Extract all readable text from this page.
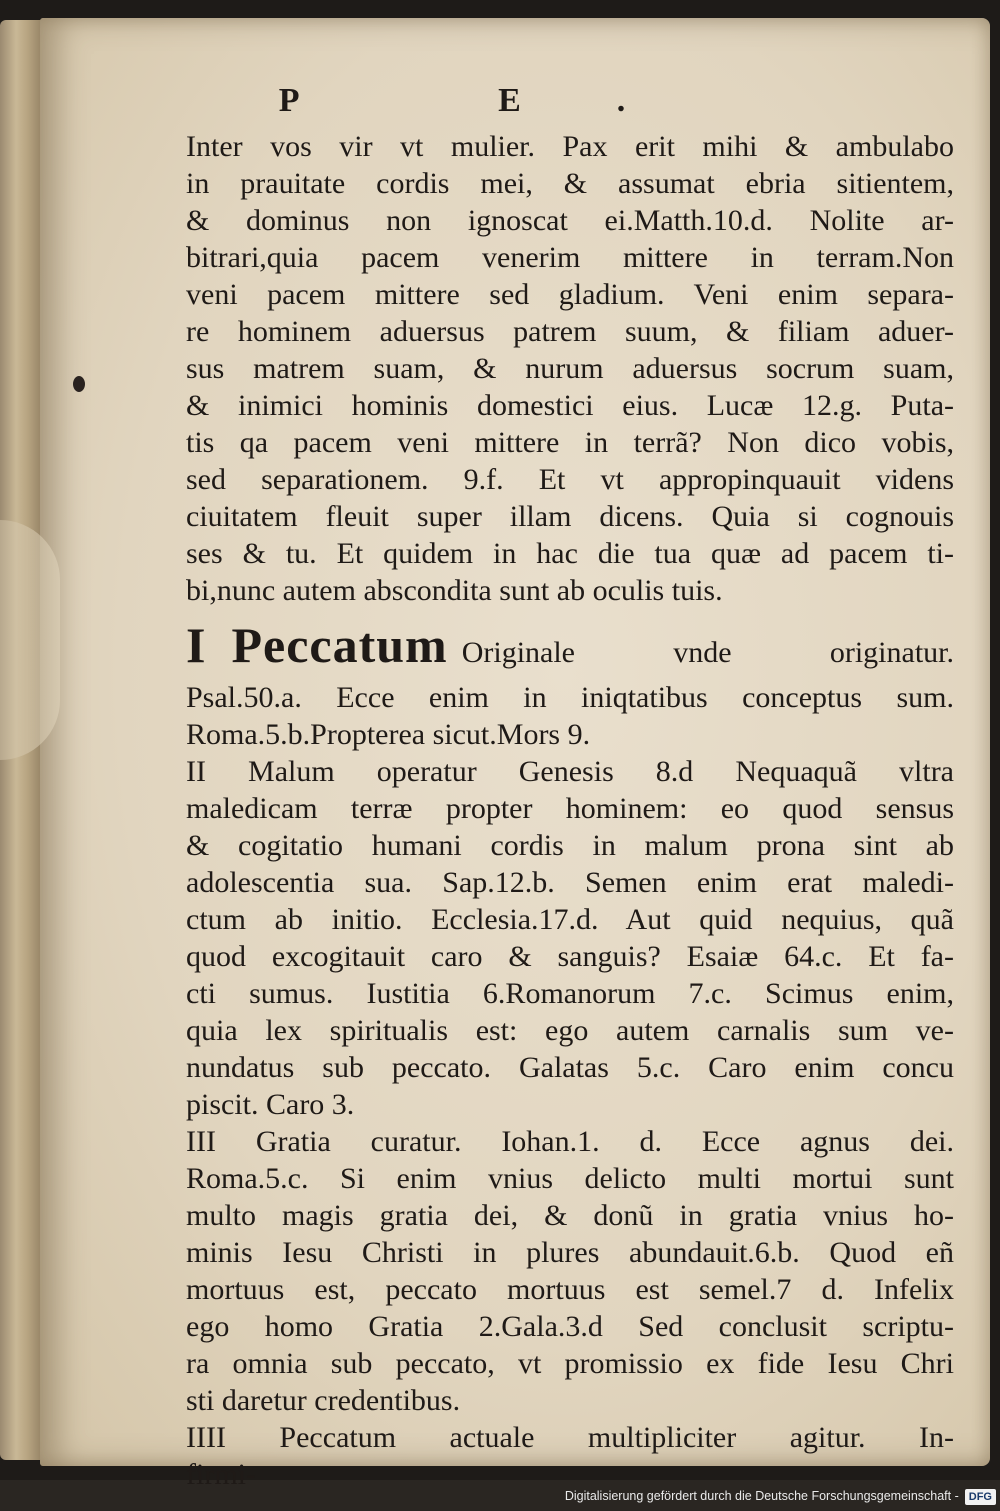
P E.
Inter vos vir vt mulier. Pax erit mihi & ambulabo
in prauitate cordis mei, & assumat ebria sitientem,
& dominus non ignoscat ei.Matth.10.d. Nolite ar-
bitrari,quia pacem venerim mittere in terram.Non
veni pacem mittere sed gladium. Veni enim separa-
re hominem aduersus patrem suum, & filiam aduer-
sus matrem suam, & nurum aduersus socrum suam,
& inimici hominis domestici eius. Lucæ 12.g. Puta-
tis qa pacem veni mittere in terrã? Non dico vobis,
sed separationem. 9.f. Et vt appropinquauit videns
ciuitatem fleuit super illam dicens. Quia si cognouis
ses & tu. Et quidem in hac die tua quæ ad pacem ti-
bi,nunc autem abscondita sunt ab oculis tuis.
I Peccatum Originale vnde originatur.
Psal.50.a. Ecce enim in iniqtatibus conceptus sum.
Roma.5.b.Propterea sicut.Mors 9.
II Malum operatur Genesis 8.d Nequaquã vltra
maledicam terræ propter hominem: eo quod sensus
& cogitatio humani cordis in malum prona sint ab
adolescentia sua. Sap.12.b. Semen enim erat maledi-
ctum ab initio. Ecclesia.17.d. Aut quid nequius, quã
quod excogitauit caro & sanguis? Esaiæ 64.c. Et fa-
cti sumus. Iustitia 6.Romanorum 7.c. Scimus enim,
quia lex spiritualis est: ego autem carnalis sum ve-
nundatus sub peccato. Galatas 5.c. Caro enim concu
piscit. Caro 3.
III Gratia curatur. Iohan.1. d. Ecce agnus dei.
Roma.5.c. Si enim vnius delicto multi mortui sunt
multo magis gratia dei, & donũ in gratia vnius ho-
minis Iesu Christi in plures abundauit.6.b. Quod eñ
mortuus est, peccato mortuus est semel.7 d. Infelix
ego homo Gratia 2.Gala.3.d Sed conclusit scriptu-
ra omnia sub peccato, vt promissio ex fide Iesu Chri
sti daretur credentibus.
IIII Peccatum actuale multipliciter agitur. In-
firmi-
Digitalisierung gefördert durch die Deutsche Forschungsgemeinschaft - DFG
